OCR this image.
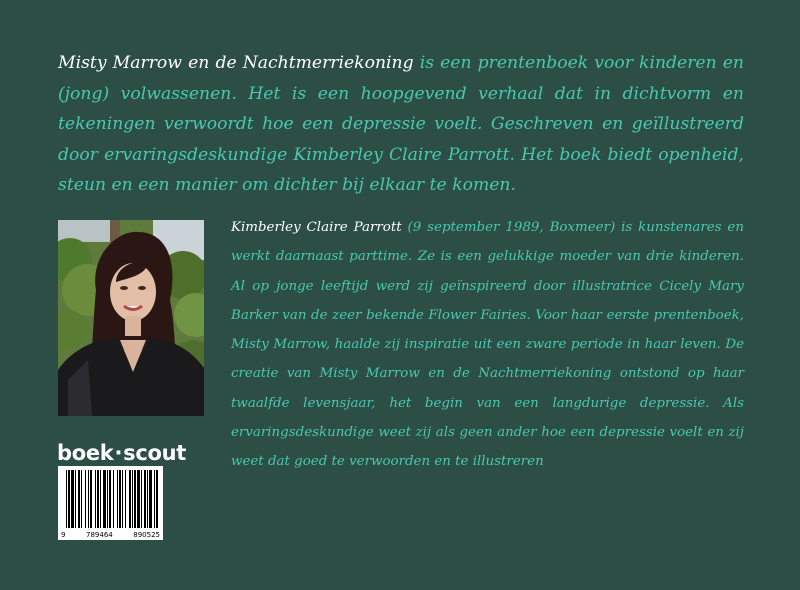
Misty Marrow en de Nachtmerriekoning is een prentenboek voor kinderen en (jong) volwassenen. Het is een hoopgevend verhaal dat in dichtvorm en tekeningen verwoordt hoe een depressie voelt. Geschreven en geïllustreerd door ervaringsdeskundige Kimberley Claire Parrott. Het boek biedt openheid, steun en een manier om dichter bij elkaar te komen.

Kimberley Claire Parrott (9 september 1989, Boxmeer) is kunstenares en werkt daarnaast parttime. Ze is een gelukkige moeder van drie kinderen. Al op jonge leeftijd werd zij geïnspireerd door illustratrice Cicely Mary Barker van de zeer bekende Flower Fairies. Voor haar eerste prentenboek, Misty Marrow, haalde zij inspiratie uit een zware periode in haar leven. De creatie van Misty Marrow en de Nachtmerriekoning ontstond op haar twaalfde levensjaar, het begin van een langdurige depressie. Als ervaringsdeskundige weet zij als geen ander hoe een depressie voelt en zij weet dat goed te verwoorden en te illustreren

boek·scout
9	789464	890525
